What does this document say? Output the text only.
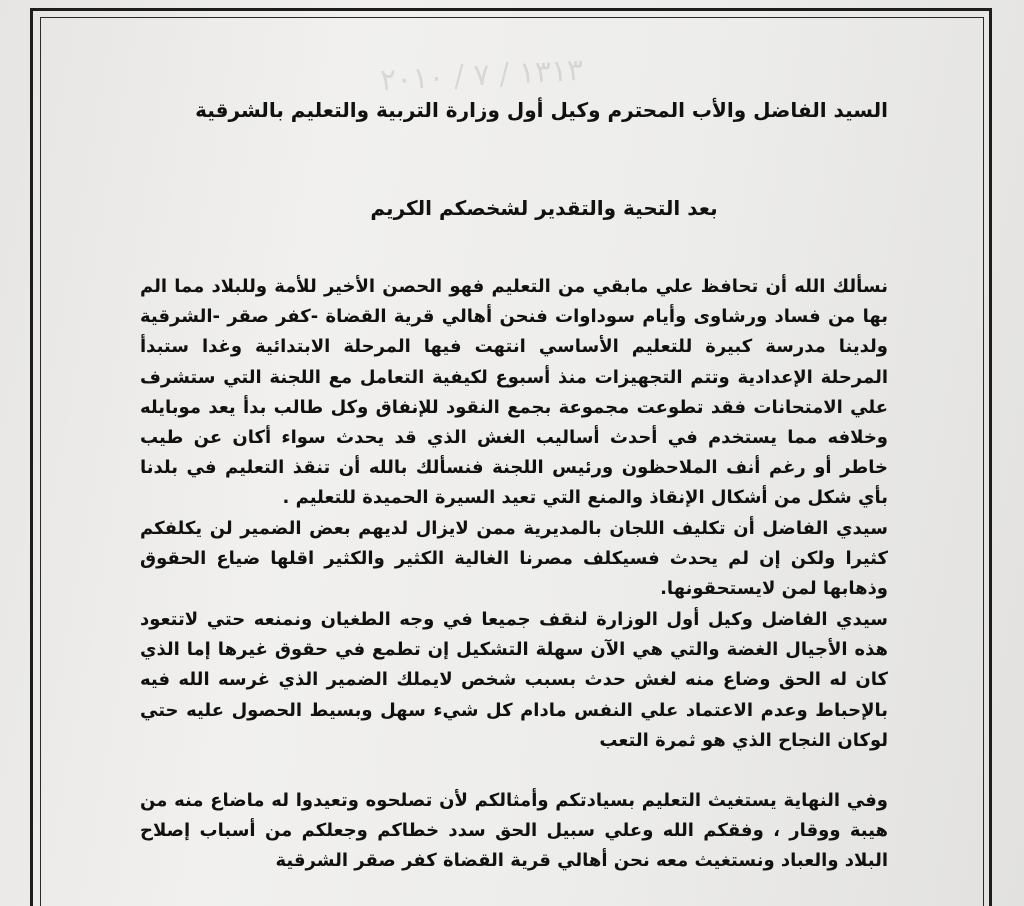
١٣١٣ / ٧ / ٢٠١٠
السيد الفاضل والأب المحترم وكيل أول وزارة التربية والتعليم بالشرقية
بعد التحية والتقدير لشخصكم الكريم
نسألك الله أن تحافظ علي مابقي من التعليم فهو الحصن الأخير للأمة وللبلاد مما الم بها من فساد ورشاوى وأيام سوداوات فنحن أهالي قرية القضاة -كفر صقر -الشرقية ولدينا مدرسة كبيرة للتعليم الأساسي انتهت فيها المرحلة الابتدائية وغدا ستبدأ المرحلة الإعدادية وتتم التجهيزات منذ أسبوع لكيفية التعامل مع اللجنة التي ستشرف علي الامتحانات فقد تطوعت مجموعة بجمع النقود للإنفاق وكل طالب بدأ يعد موبايله وخلافه مما يستخدم في أحدث أساليب الغش الذي قد يحدث سواء أكان عن طيب خاطر أو رغم أنف الملاحظون ورئيس اللجنة فنسألك بالله أن تنقذ التعليم في بلدنا بأي شكل من أشكال الإنقاذ والمنع التي تعيد السيرة الحميدة للتعليم .
سيدي الفاضل أن تكليف اللجان بالمديرية ممن لايزال لديهم بعض الضمير لن يكلفكم كثيرا ولكن إن لم يحدث فسيكلف مصرنا الغالية الكثير والكثير اقلها ضياع الحقوق وذهابها لمن لايستحقونها.
سيدي الفاضل وكيل أول الوزارة لنقف جميعا في وجه الطغيان ونمنعه حتي لاتتعود هذه الأجيال الغضة والتي هي الآن سهلة التشكيل إن تطمع في حقوق غيرها إما الذي كان له الحق وضاع منه لغش حدث بسبب شخص لايملك الضمير الذي غرسه الله فيه بالإحباط وعدم الاعتماد علي النفس مادام كل شيء سهل وبسيط الحصول عليه حتي لوكان النجاح الذي هو ثمرة التعب
وفي النهاية يستغيث التعليم بسيادتكم وأمثالكم لأن تصلحوه وتعيدوا له ماضاع منه من هيبة ووقار ، وفقكم الله وعلي سبيل الحق سدد خطاكم وجعلكم من أسباب إصلاح البلاد والعباد ونستغيث معه نحن أهالي قرية القضاة كفر صقر الشرقية
